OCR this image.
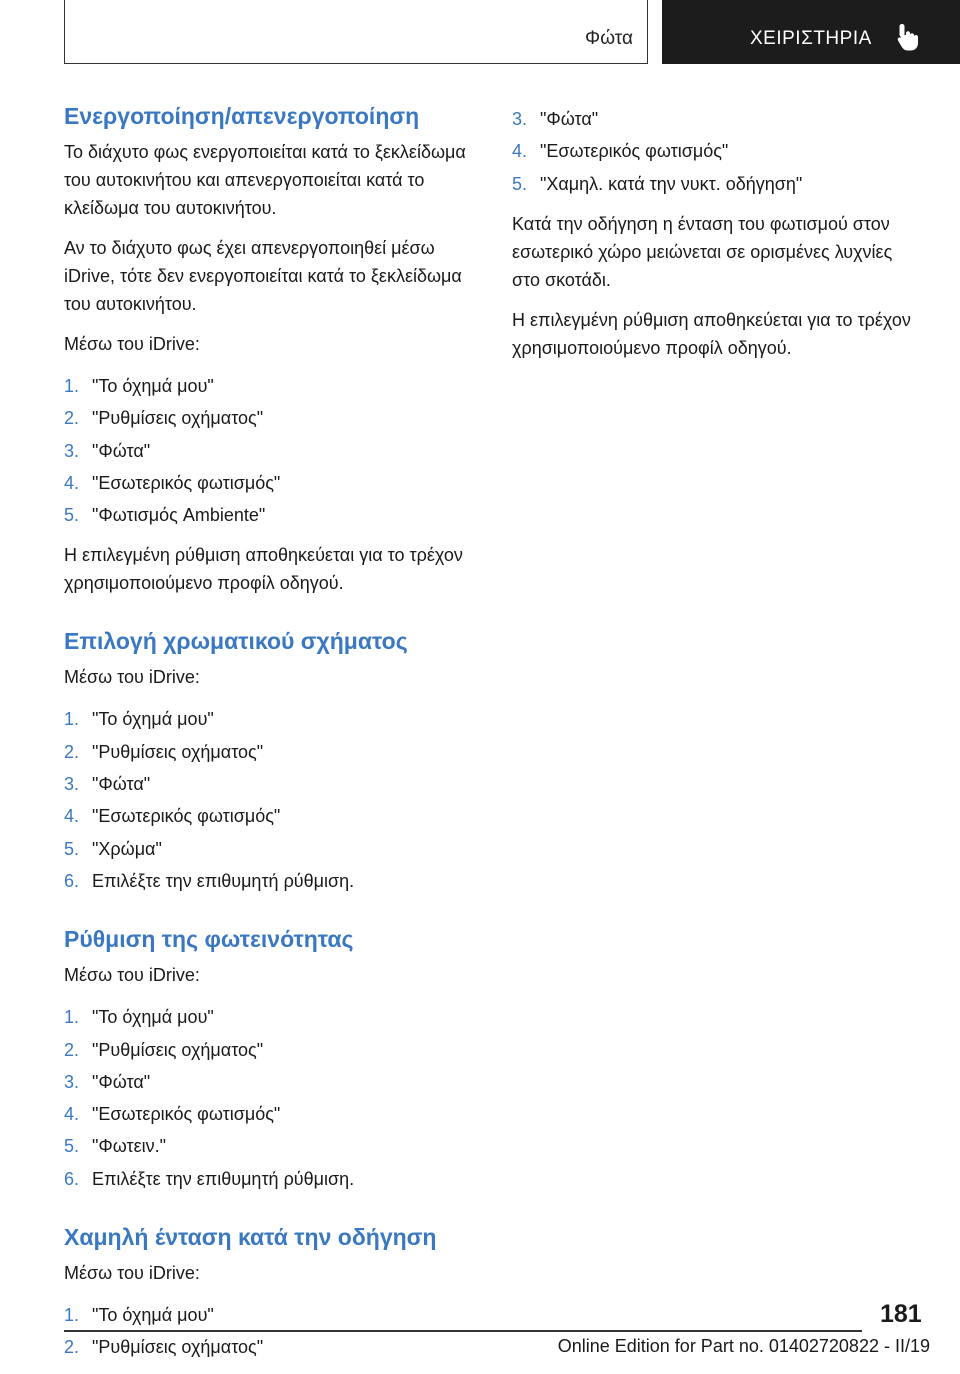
Φώτα	ΧΕΙΡΙΣΤΗΡΙΑ
Ενεργοποίηση/απενεργοποίηση

Το διάχυτο φως ενεργοποιείται κατά το ξεκλείδωμα του αυτοκινήτου και απενεργοποιείται κατά το κλείδωμα του αυτοκινήτου.

Αν το διάχυτο φως έχει απενεργοποιηθεί μέσω iDrive, τότε δεν ενεργοποιείται κατά το ξεκλείδωμα του αυτοκινήτου.

Μέσω του iDrive:

1. "Το όχημά μου"
2. "Ρυθμίσεις οχήματος"
3. "Φώτα"
4. "Εσωτερικός φωτισμός"
5. "Φωτισμός Ambiente"

Η επιλεγμένη ρύθμιση αποθηκεύεται για το τρέχον χρησιμοποιούμενο προφίλ οδηγού.

Επιλογή χρωματικού σχήματος

Μέσω του iDrive:

1. "Το όχημά μου"
2. "Ρυθμίσεις οχήματος"
3. "Φώτα"
4. "Εσωτερικός φωτισμός"
5. "Χρώμα"
6. Επιλέξτε την επιθυμητή ρύθμιση.
Ρύθμιση της φωτεινότητας

Μέσω του iDrive:

1. "Το όχημά μου"
2. "Ρυθμίσεις οχήματος"
3. "Φώτα"
4. "Εσωτερικός φωτισμός"
5. "Φωτειν."
6. Επιλέξτε την επιθυμητή ρύθμιση.
Χαμηλή ένταση κατά την οδήγηση

Μέσω του iDrive:

1. "Το όχημά μου"
2. "Ρυθμίσεις οχήματος"
3. "Φώτα"
4. "Εσωτερικός φωτισμός"
5. "Χαμηλ. κατά την νυκτ. οδήγηση"

Κατά την οδήγηση η ένταση του φωτισμού στον εσωτερικό χώρο μειώνεται σε ορισμένες λυχνίες στο σκοτάδι.

Η επιλεγμένη ρύθμιση αποθηκεύεται για το τρέχον χρησιμοποιούμενο προφίλ οδηγού.

181
Online Edition for Part no. 01402720822 - II/19
